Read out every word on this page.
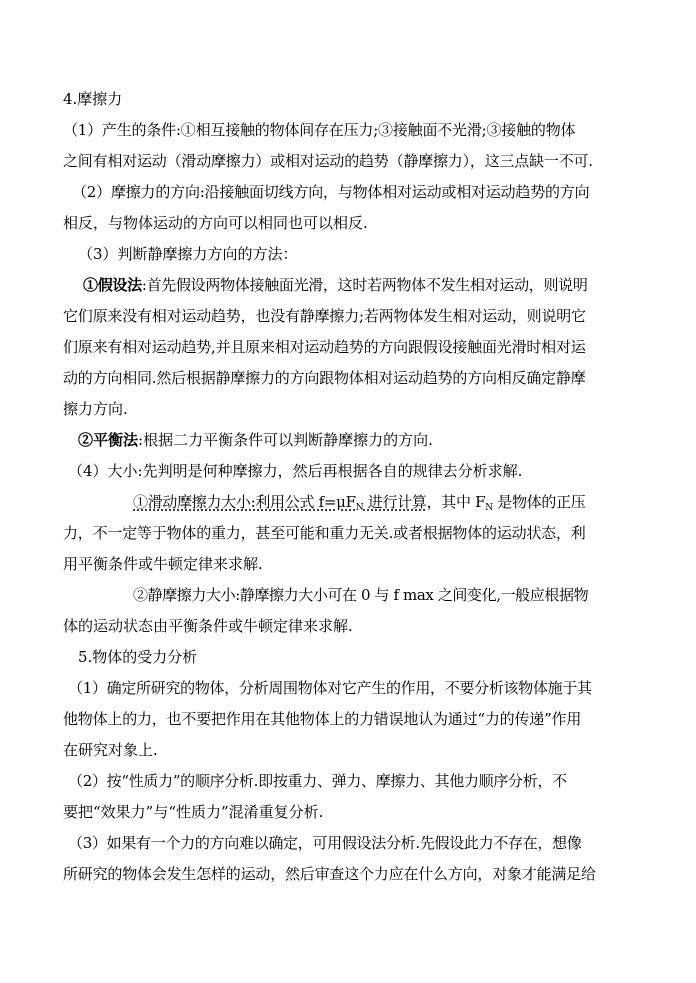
4.摩擦力
（1）产生的条件:①相互接触的物体间存在压力;③接触面不光滑;③接触的物体
之间有相对运动（滑动摩擦力）或相对运动的趋势（静摩擦力），这三点缺一不可.
（2）摩擦力的方向:沿接触面切线方向，与物体相对运动或相对运动趋势的方向
相反，与物体运动的方向可以相同也可以相反.
（3）判断静摩擦力方向的方法：
①假设法:首先假设两物体接触面光滑，这时若两物体不发生相对运动，则说明
它们原来没有相对运动趋势，也没有静摩擦力;若两物体发生相对运动，则说明它
们原来有相对运动趋势,并且原来相对运动趋势的方向跟假设接触面光滑时相对运
动的方向相同.然后根据静摩擦力的方向跟物体相对运动趋势的方向相反确定静摩
擦力方向.
②平衡法:根据二力平衡条件可以判断静摩擦力的方向.
（4）大小:先判明是何种摩擦力，然后再根据各自的规律去分析求解.
①滑动摩擦力大小:利用公式 $f=\mu F_N$ 进行计算，其中 $F_N$ 是物体的正压
力，不一定等于物体的重力，甚至可能和重力无关.或者根据物体的运动状态，利
用平衡条件或牛顿定律来求解.
②静摩擦力大小:静摩擦力大小可在 0 与 f max 之间变化,一般应根据物
体的运动状态由平衡条件或牛顿定律来求解.
5.物体的受力分析
（1）确定所研究的物体，分析周围物体对它产生的作用，不要分析该物体施于其
他物体上的力，也不要把作用在其他物体上的力错误地认为通过“力的传递”作用
在研究对象上.
（2）按“性质力”的顺序分析.即按重力、弹力、摩擦力、其他力顺序分析，不
要把“效果力”与“性质力”混淆重复分析.
（3）如果有一个力的方向难以确定，可用假设法分析.先假设此力不存在，想像
所研究的物体会发生怎样的运动，然后审查这个力应在什么方向，对象才能满足给
